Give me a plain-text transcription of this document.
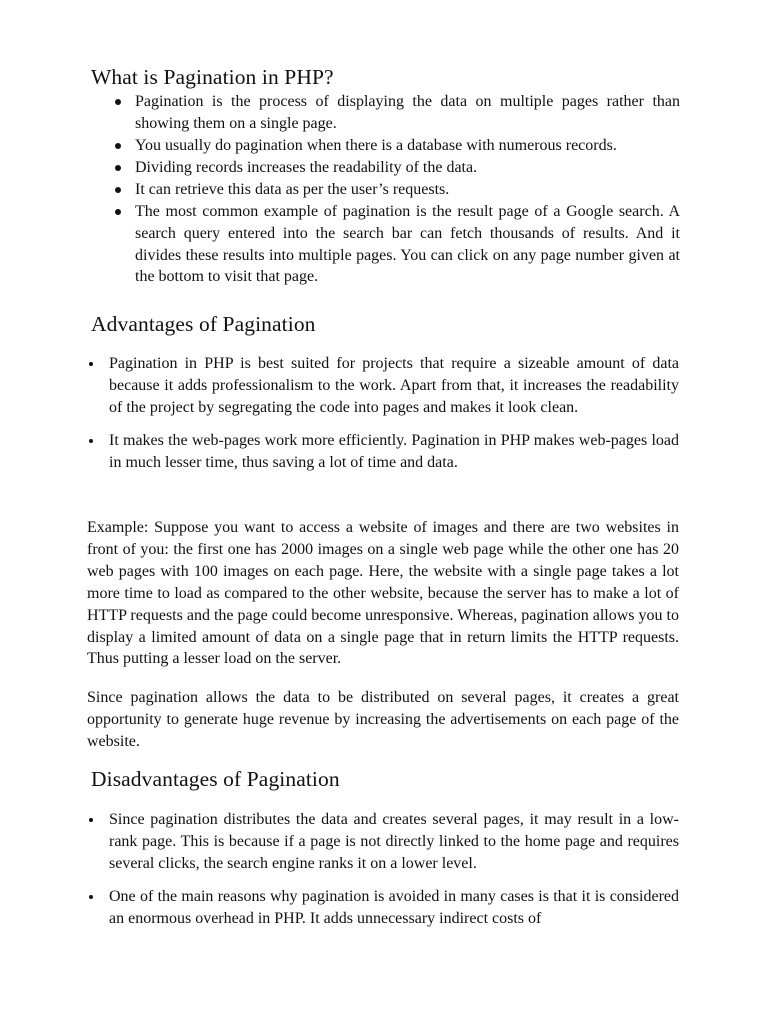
What is Pagination in PHP?
Pagination is the process of displaying the data on multiple pages rather than showing them on a single page.
You usually do pagination when there is a database with numerous records.
Dividing records increases the readability of the data.
It can retrieve this data as per the user’s requests.
The most common example of pagination is the result page of a Google search. A search query entered into the search bar can fetch thousands of results. And it divides these results into multiple pages. You can click on any page number given at the bottom to visit that page.
Advantages of Pagination
Pagination in PHP is best suited for projects that require a sizeable amount of data because it adds professionalism to the work. Apart from that, it increases the readability of the project by segregating the code into pages and makes it look clean.
It makes the web-pages work more efficiently. Pagination in PHP makes web-pages load in much lesser time, thus saving a lot of time and data.

Example: Suppose you want to access a website of images and there are two websites in front of you: the first one has 2000 images on a single web page while the other one has 20 web pages with 100 images on each page. Here, the website with a single page takes a lot more time to load as compared to the other website, because the server has to make a lot of HTTP requests and the page could become unresponsive. Whereas, pagination allows you to display a limited amount of data on a single page that in return limits the HTTP requests. Thus putting a lesser load on the server.

Since pagination allows the data to be distributed on several pages, it creates a great opportunity to generate huge revenue by increasing the advertisements on each page of the website.

Disadvantages of Pagination
Since pagination distributes the data and creates several pages, it may result in a low-rank page. This is because if a page is not directly linked to the home page and requires several clicks, the search engine ranks it on a lower level.
One of the main reasons why pagination is avoided in many cases is that it is considered an enormous overhead in PHP. It adds unnecessary indirect costs of
